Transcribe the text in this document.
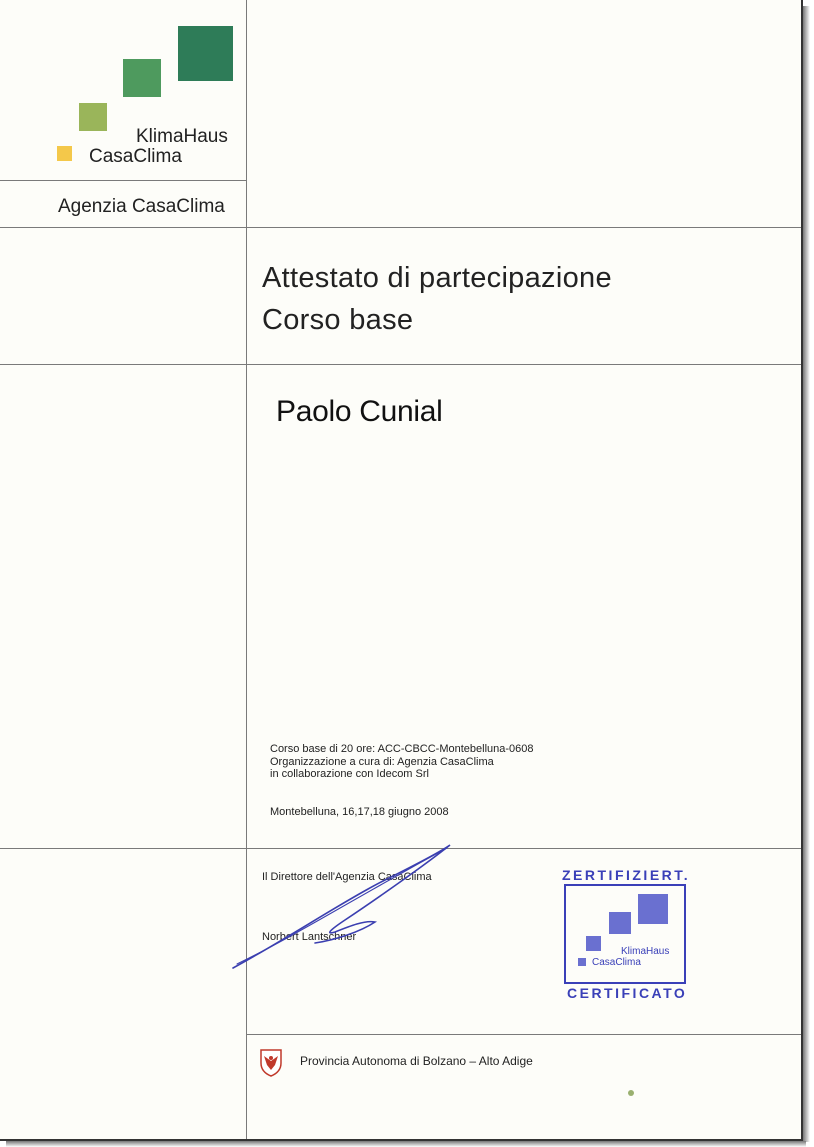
KlimaHaus
CasaClima
Agenzia CasaClima
Attestato di partecipazione
Corso base
Paolo Cunial
Corso base di 20 ore: ACC-CBCC-Montebelluna-0608
Organizzazione a cura di: Agenzia CasaClima
in collaborazione con Idecom Srl
Montebelluna, 16,17,18 giugno 2008
Il Direttore dell'Agenzia CasaClima
Norbert Lantschner
ZERTIFIZIERT.
KlimaHaus
CasaClima
CERTIFICATO
Provincia Autonoma di Bolzano – Alto Adige
